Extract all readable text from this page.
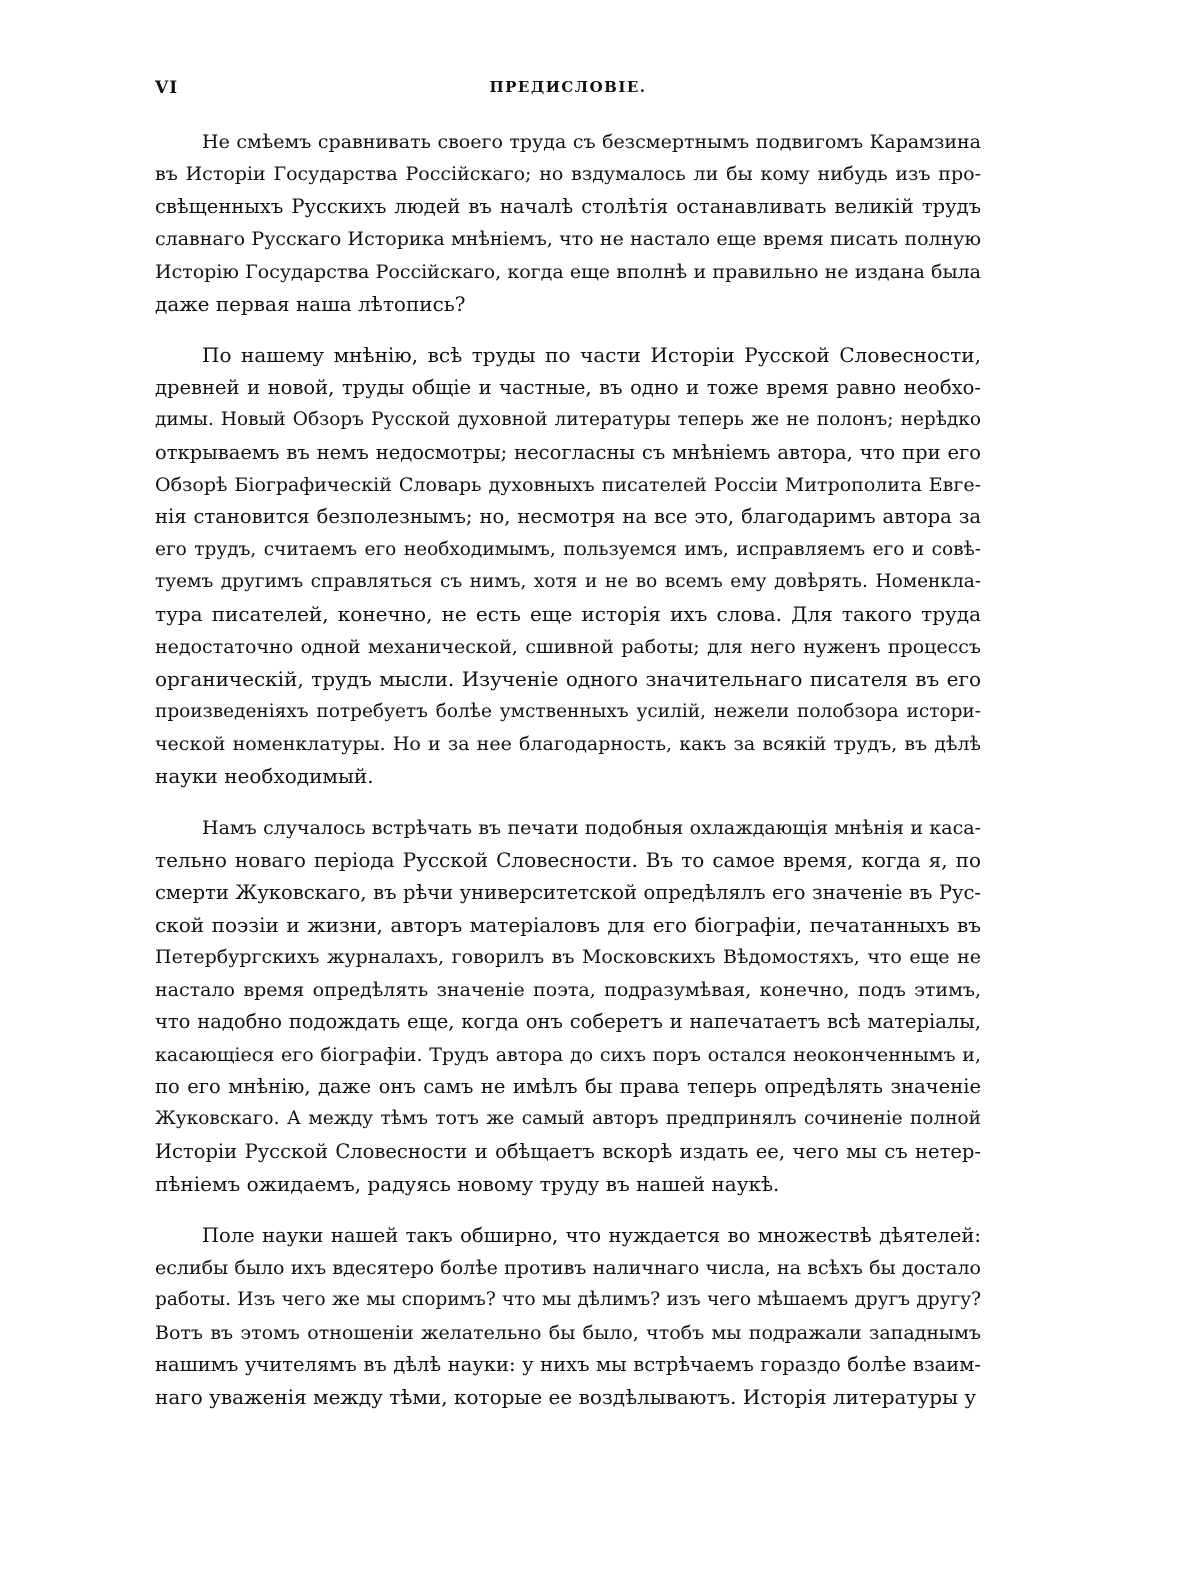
VI	ПРЕДИСЛОВІЕ.
Не смѣемъ сравнивать своего труда съ безсмертнымъ подвигомъ Карамзина
въ Исторіи Государства Россійскаго; но вздумалось ли бы кому нибудь изъ про-
свѣщенныхъ Русскихъ людей въ началѣ столѣтія останавливать великій трудъ
славнаго Русскаго Историка мнѣніемъ, что не настало еще время писать полную
Исторію Государства Россійскаго, когда еще вполнѣ и правильно не издана была
даже первая наша лѣтопись?
По нашему мнѣнію, всѣ труды по части Исторіи Русской Словесности,
древней и новой, труды общіе и частные, въ одно и тоже время равно необхо-
димы. Новый Обзоръ Русской духовной литературы теперь же не полонъ; нерѣдко
открываемъ въ немъ недосмотры; несогласны съ мнѣніемъ автора, что при его
Обзорѣ Біографическій Словарь духовныхъ писателей Россіи Митрополита Евге-
нія становится безполезнымъ; но, несмотря на все это, благодаримъ автора за
его трудъ, считаемъ его необходимымъ, пользуемся имъ, исправляемъ его и совѣ-
туемъ другимъ справляться съ нимъ, хотя и не во всемъ ему довѣрять. Номенкла-
тура писателей, конечно, не есть еще исторія ихъ слова. Для такого труда
недостаточно одной механической, сшивной работы; для него нуженъ процессъ
органическій, трудъ мысли. Изученіе одного значительнаго писателя въ его
произведеніяхъ потребуетъ болѣе умственныхъ усилій, нежели полобзора истори-
ческой номенклатуры. Но и за нее благодарность, какъ за всякій трудъ, въ дѣлѣ
науки необходимый.
Намъ случалось встрѣчать въ печати подобныя охлаждающія мнѣнія и каса-
тельно новаго періода Русской Словесности. Въ то самое время, когда я, по
смерти Жуковскаго, въ рѣчи университетской опредѣлялъ его значеніе въ Рус-
ской поэзіи и жизни, авторъ матеріаловъ для его біографіи, печатанныхъ въ
Петербургскихъ журналахъ, говорилъ въ Московскихъ Вѣдомостяхъ, что еще не
настало время опредѣлять значеніе поэта, подразумѣвая, конечно, подъ этимъ,
что надобно подождать еще, когда онъ соберетъ и напечатаетъ всѣ матеріалы,
касающіеся его біографіи. Трудъ автора до сихъ поръ остался неоконченнымъ и,
по его мнѣнію, даже онъ самъ не имѣлъ бы права теперь опредѣлять значеніе
Жуковскаго. А между тѣмъ тотъ же самый авторъ предпринялъ сочиненіе полной
Исторіи Русской Словесности и обѣщаетъ вскорѣ издать ее, чего мы съ нетер-
пѣніемъ ожидаемъ, радуясь новому труду въ нашей наукѣ.
Поле науки нашей такъ обширно, что нуждается во множествѣ дѣятелей:
еслибы было ихъ вдесятеро болѣе противъ наличнаго числа, на всѣхъ бы достало
работы. Изъ чего же мы споримъ? что мы дѣлимъ? изъ чего мѣшаемъ другъ другу?
Вотъ въ этомъ отношеніи желательно бы было, чтобъ мы подражали западнымъ
нашимъ учителямъ въ дѣлѣ науки: у нихъ мы встрѣчаемъ гораздо болѣе взаим-
наго уваженія между тѣми, которые ее воздѣлываютъ. Исторія литературы у
